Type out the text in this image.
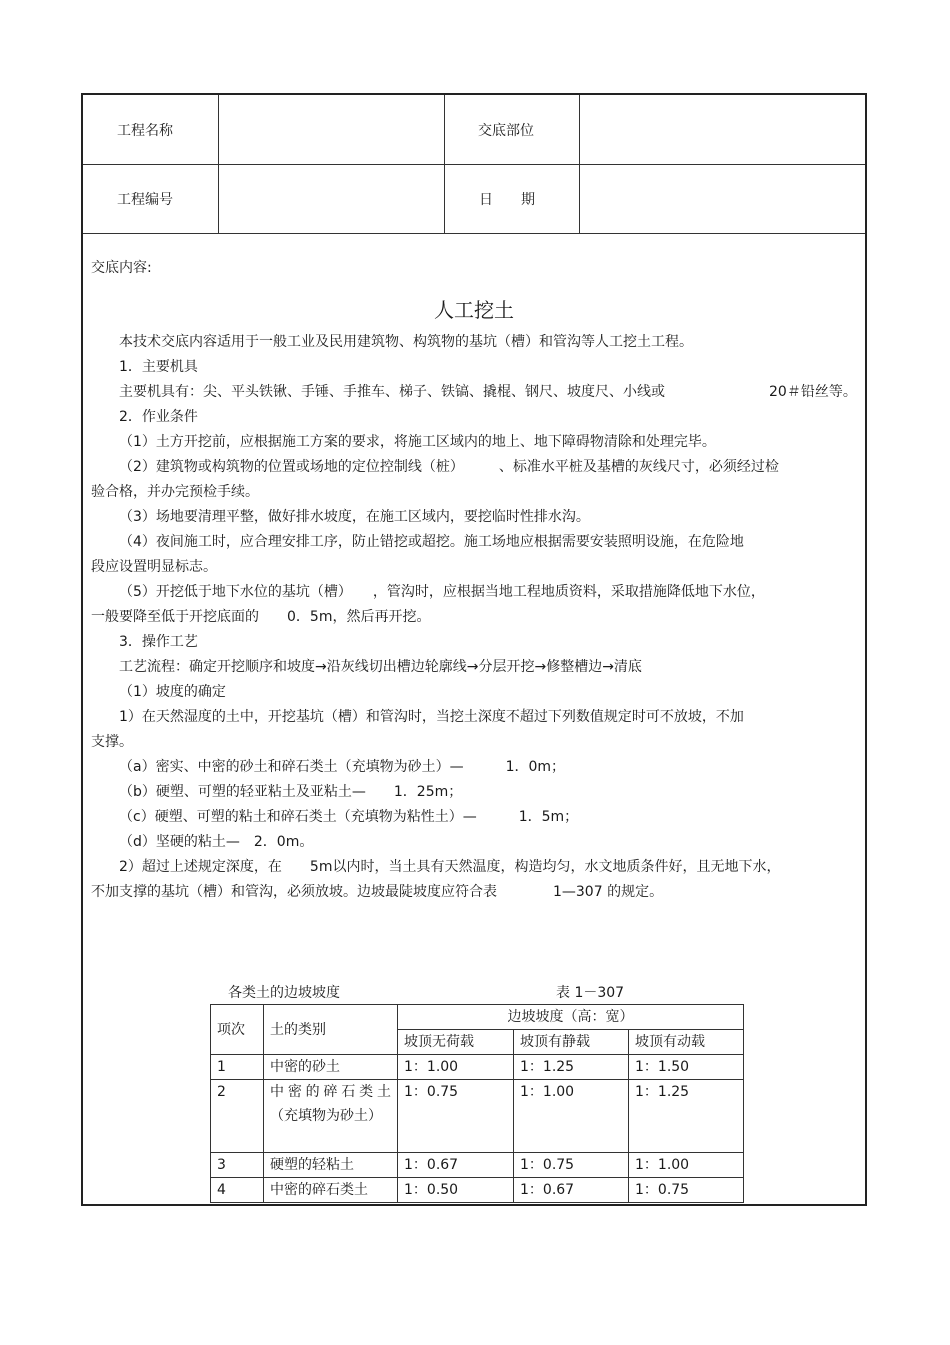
工程名称	交底部位
工程编号	日　　期
交底内容:
人工挖土
本技术交底内容适用于一般工业及民用建筑物、构筑物的基坑（槽）和管沟等人工挖土工程。
1．主要机具
主要机具有：尖、平头铁锹、手锤、手推车、梯子、铁镐、撬棍、钢尺、坡度尺、小线或	20＃铅丝等。
2．作业条件
（1）土方开挖前，应根据施工方案的要求，将施工区域内的地上、地下障碍物清除和处理完毕。
（2）建筑物或构筑物的位置或场地的定位控制线（桩）　　　、标准水平桩及基槽的灰线尺寸，必须经过检
验合格，并办完预检手续。
（3）场地要清理平整，做好排水坡度，在施工区域内，要挖临时性排水沟。
（4）夜间施工时，应合理安排工序，防止错挖或超挖。施工场地应根据需要安装照明设施，在危险地
段应设置明显标志。
（5）开挖低于地下水位的基坑（槽）　　，管沟时，应根据当地工程地质资料，采取措施降低地下水位，
一般要降至低于开挖底面的　　0．5m，然后再开挖。
3．操作工艺
工艺流程：确定开挖顺序和坡度→沿灰线切出槽边轮廓线→分层开挖→修整槽边→清底
（1）坡度的确定
1）在天然湿度的土中，开挖基坑（槽）和管沟时，当挖土深度不超过下列数值规定时可不放坡，不加
支撑。
（a）密实、中密的砂土和碎石类土（充填物为砂土）—　　　1．0m；
（b）硬塑、可塑的轻亚粘土及亚粘土—　　1．25m；
（c）硬塑、可塑的粘土和碎石类土（充填物为粘性土）—　　　1．5m；
（d）坚硬的粘土—　2．0m。
2）超过上述规定深度，在　　5m以内时，当土具有天然温度，构造均匀，水文地质条件好，且无地下水，
不加支撑的基坑（槽）和管沟，必须放坡。边坡最陡坡度应符合表　　　　1—307 的规定。
各类土的边坡坡度	表 1－307
项次	土的类别	边坡坡度（高：宽）		
		坡顶无荷载	坡顶有静载	坡顶有动载
1	中密的砂土	1：1.00	1：1.25	1：1.50
2	中密的碎石类土（充填物为砂土）	1：0.75	1：1.00	1：1.25
3	硬塑的轻粘土	1：0.67	1：0.75	1：1.00
4	中密的碎石类土	1：0.50	1：0.67	1：0.75
